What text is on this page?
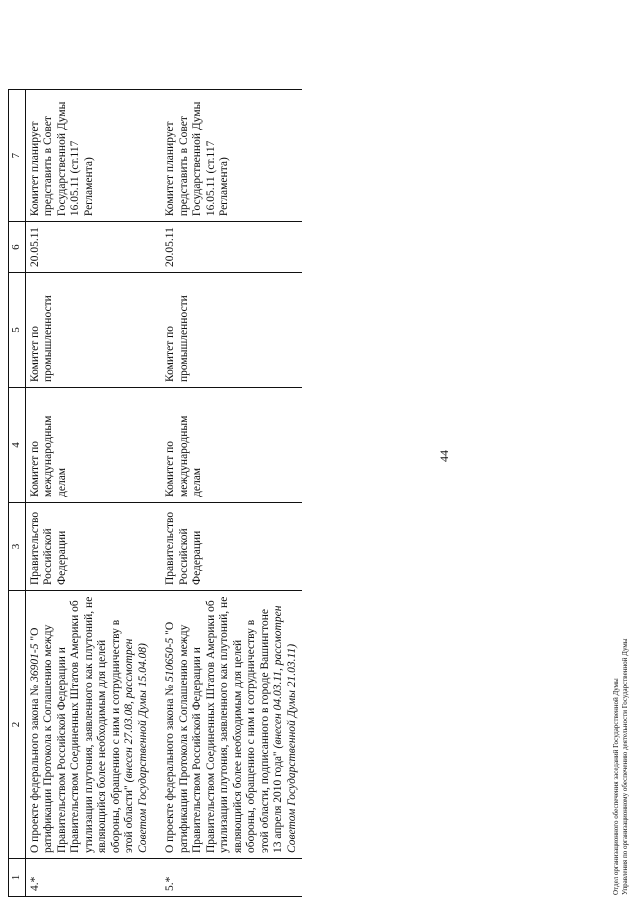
44
1	2	3	4	5	6	7
4.*	О проекте федерального закона № 36901-5 "О ратификации Протокола к Соглашению между Правительством Российской Федерации и Правительством Соединенных Штатов Америки об утилизации плутония, заявленного как плутоний, не являющийся более необходимым для целей обороны, обращению с ним и сотрудничеству в этой области" (внесен 27.03.08, рассмотрен Советом Государственной Думы 15.04.08)	Правительство Российской Федерации	Комитет по международным делам	Комитет по промышленности	20.05.11	Комитет планирует представить в Совет Государственной Думы 16.05.11 (ст.117 Регламента)

5.*	О проекте федерального закона № 510650-5 "О ратификации Протокола к Соглашению между Правительством Российской Федерации и Правительством Соединенных Штатов Америки об утилизации плутония, заявленного как плутоний, не являющийся более необходимым для целей обороны, обращению с ним и сотрудничеству в этой области, подписанного в городе Вашингтоне 13 апреля 2010 года" (внесен 04.03.11, рассмотрен Советом Государственной Думы 21.03.11)	Правительство Российской Федерации	Комитет по международным делам	Комитет по промышленности	20.05.11	Комитет планирует представить в Совет Государственной Думы 16.05.11 (ст.117 Регламента)
Отдел организационного обеспечения заседаний Государственной Думы Управления по организационному обеспечению деятельности Государственной Думы
